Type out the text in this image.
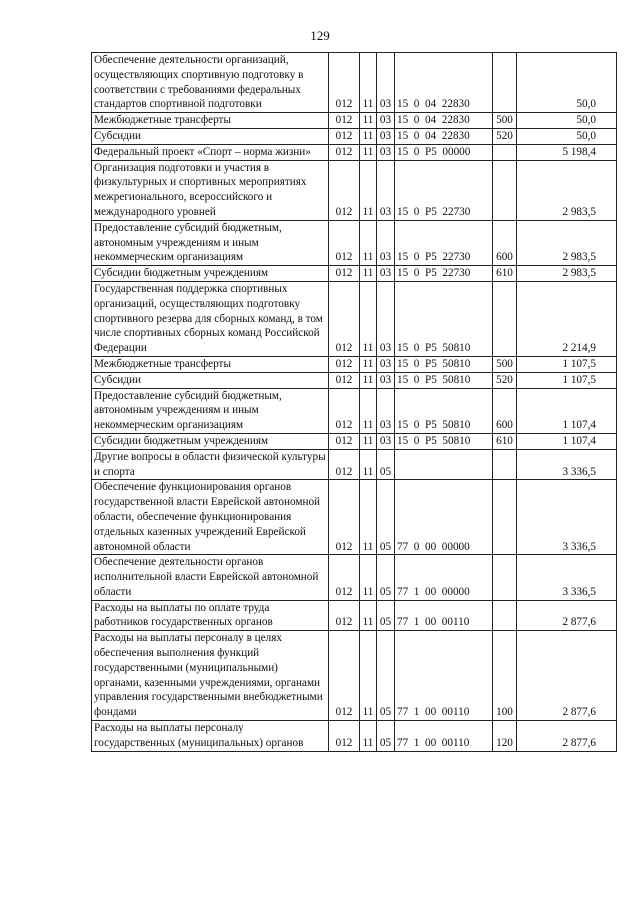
129
Обеспечение деятельности организаций, осуществляющих спортивную подготовку в соответствии с требованиями федеральных стандартов спортивной подготовки	012	11	03	15  0  04  22830		50,0
Межбюджетные трансферты	012	11	03	15  0  04  22830	500	50,0
Субсидии	012	11	03	15  0  04  22830	520	50,0
Федеральный проект «Спорт – норма жизни»	012	11	03	15  0  P5  00000		5 198,4
Организация подготовки и участия в физкультурных и спортивных мероприятиях межрегионального, всероссийского и международного уровней	012	11	03	15  0  P5  22730		2 983,5
Предоставление субсидий бюджетным, автономным учреждениям и иным некоммерческим организациям	012	11	03	15  0  P5  22730	600	2 983,5
Субсидии бюджетным учреждениям	012	11	03	15  0  P5  22730	610	2 983,5
Государственная поддержка спортивных организаций, осуществляющих подготовку спортивного резерва для сборных команд, в том числе спортивных сборных команд Российской Федерации	012	11	03	15  0  P5  50810		2 214,9
Межбюджетные трансферты	012	11	03	15  0  P5  50810	500	1 107,5
Субсидии	012	11	03	15  0  P5  50810	520	1 107,5
Предоставление субсидий бюджетным, автономным учреждениям и иным некоммерческим организациям	012	11	03	15  0  P5  50810	600	1 107,4
Субсидии бюджетным учреждениям	012	11	03	15  0  P5  50810	610	1 107,4
Другие вопросы в области физической культуры и спорта	012	11	05			3 336,5
Обеспечение функционирования органов государственной власти Еврейской автономной области, обеспечение функционирования отдельных казенных учреждений Еврейской автономной области	012	11	05	77  0  00  00000		3 336,5
Обеспечение деятельности органов исполнительной власти Еврейской автономной области	012	11	05	77  1  00  00000		3 336,5
Расходы на выплаты по оплате труда работников государственных органов	012	11	05	77  1  00  00110		2 877,6
Расходы на выплаты персоналу в целях обеспечения выполнения функций государственными (муниципальными) органами, казенными учреждениями, органами управления государственными внебюджетными фондами	012	11	05	77  1  00  00110	100	2 877,6
Расходы на выплаты персоналу государственных (муниципальных) органов	012	11	05	77  1  00  00110	120	2 877,6
